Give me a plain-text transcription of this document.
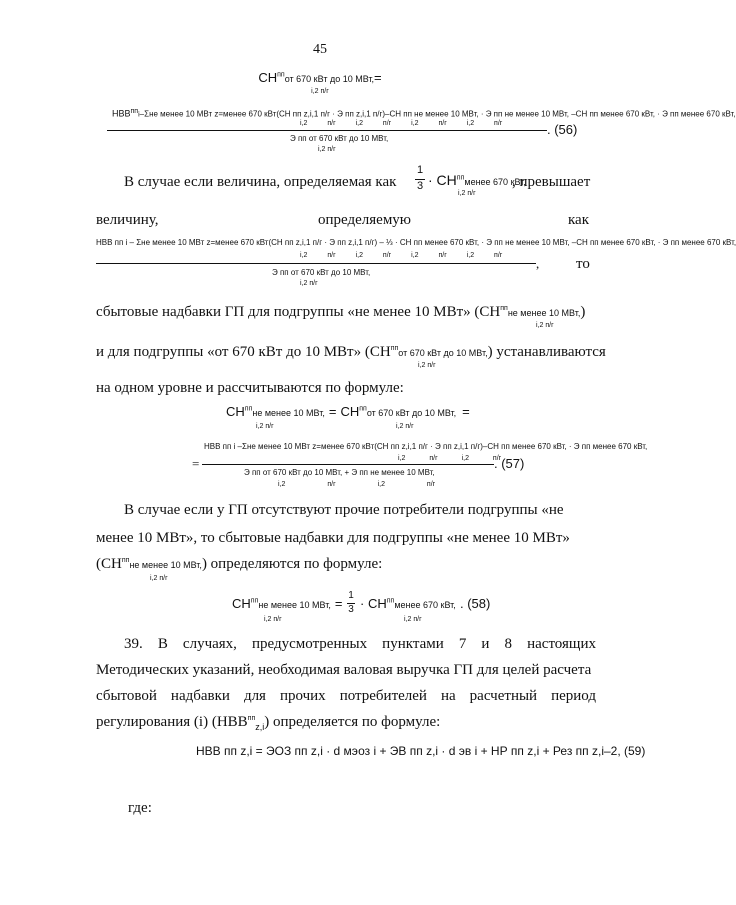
45
$СН^{пп}от$ 670 кВт до 10 МВт,=
i,2 п/г
$НВВ^{пп}i$–Σне менее 10 МВт z=менее 670 кВт(СН пп z,i,1 п/г · Э пп z,i,1 п/г)–СН пп не менее 10 МВт, · Э пп не менее 10 МВт, –СН пп менее 670 кВт, · Э пп менее 670 кВт,
i,2 п/г i,2 п/г i,2 п/г i,2 п/г
Э пп от 670 кВт до 10 МВт,
i,2 п/г
. (56)
В случае если величина, определяемая как
1
$3 \cdot СН^{пп}менее$ 670 кВт,
i,2 п/г
, превышает
величину,	определяемую	как
НВВ пп i – Σне менее 10 МВт z=менее 670 кВт(СН пп z,i,1 п/г · Э пп z,i,1 п/г) – ⅓ · СН пп менее 670 кВт, · Э пп не менее 10 МВт, –СН пп менее 670 кВт, · Э пп менее 670 кВт,
i,2 п/г i,2 п/г i,2 п/г i,2 п/г
Э пп от 670 кВт до 10 МВт,
i,2 п/г
, то
сбытовые надбавки ГП для подгруппы «не менее 10 МВт» ($СН^{пп}не$ менее 10 МВт,)
i,2 п/г
и для подгруппы «от 670 кВт до 10 МВт» ($СН^{пп}от$ 670 кВт до 10 МВт,) устанавливаются
i,2 п/г
на одном уровне и рассчитываются по формуле:
$СН^{пп}не$ менее 10 МВт, = $СН^{пп}от$ 670 кВт до 10 МВт, =
i,2 п/г	i,2 п/г
=
НВВ пп i –Σне менее 10 МВт z=менее 670 кВт(СН пп z,i,1 п/г · Э пп z,i,1 п/г)–СН пп менее 670 кВт, · Э пп менее 670 кВт,
i,2 п/г i,2 п/г
Э пп от 670 кВт до 10 МВт, + Э пп не менее 10 МВт,
i,2 п/г i,2 п/г
. (57)
В случае если у ГП отсутствуют прочие потребители подгруппы «не
менее 10 МВт», то сбытовые надбавки для подгруппы «не менее 10 МВт»
($СН^{пп}не$ менее 10 МВт,) определяются по формуле:
i,2 п/г
$СН^{пп}не$ менее 10 МВт, =
i,2 п/г
1
$3 \cdot СН^{пп}менее$ 670 кВт,
i,2 п/г
. (58)
39. В случаях, предусмотренных пунктами 7 и 8 настоящих
Методических указаний, необходимая валовая выручка ГП для целей расчета
сбытовой надбавки для прочих потребителей на расчетный период
регулирования (i) $(НВВ^{пп}_{z,i})$ определяется по формуле:
НВВ пп z,i = ЭОЗ пп z,i · d мэоз i + ЭВ пп z,i · d эв i + НР пп z,i + Рез пп z,i–2, (59)
где:
